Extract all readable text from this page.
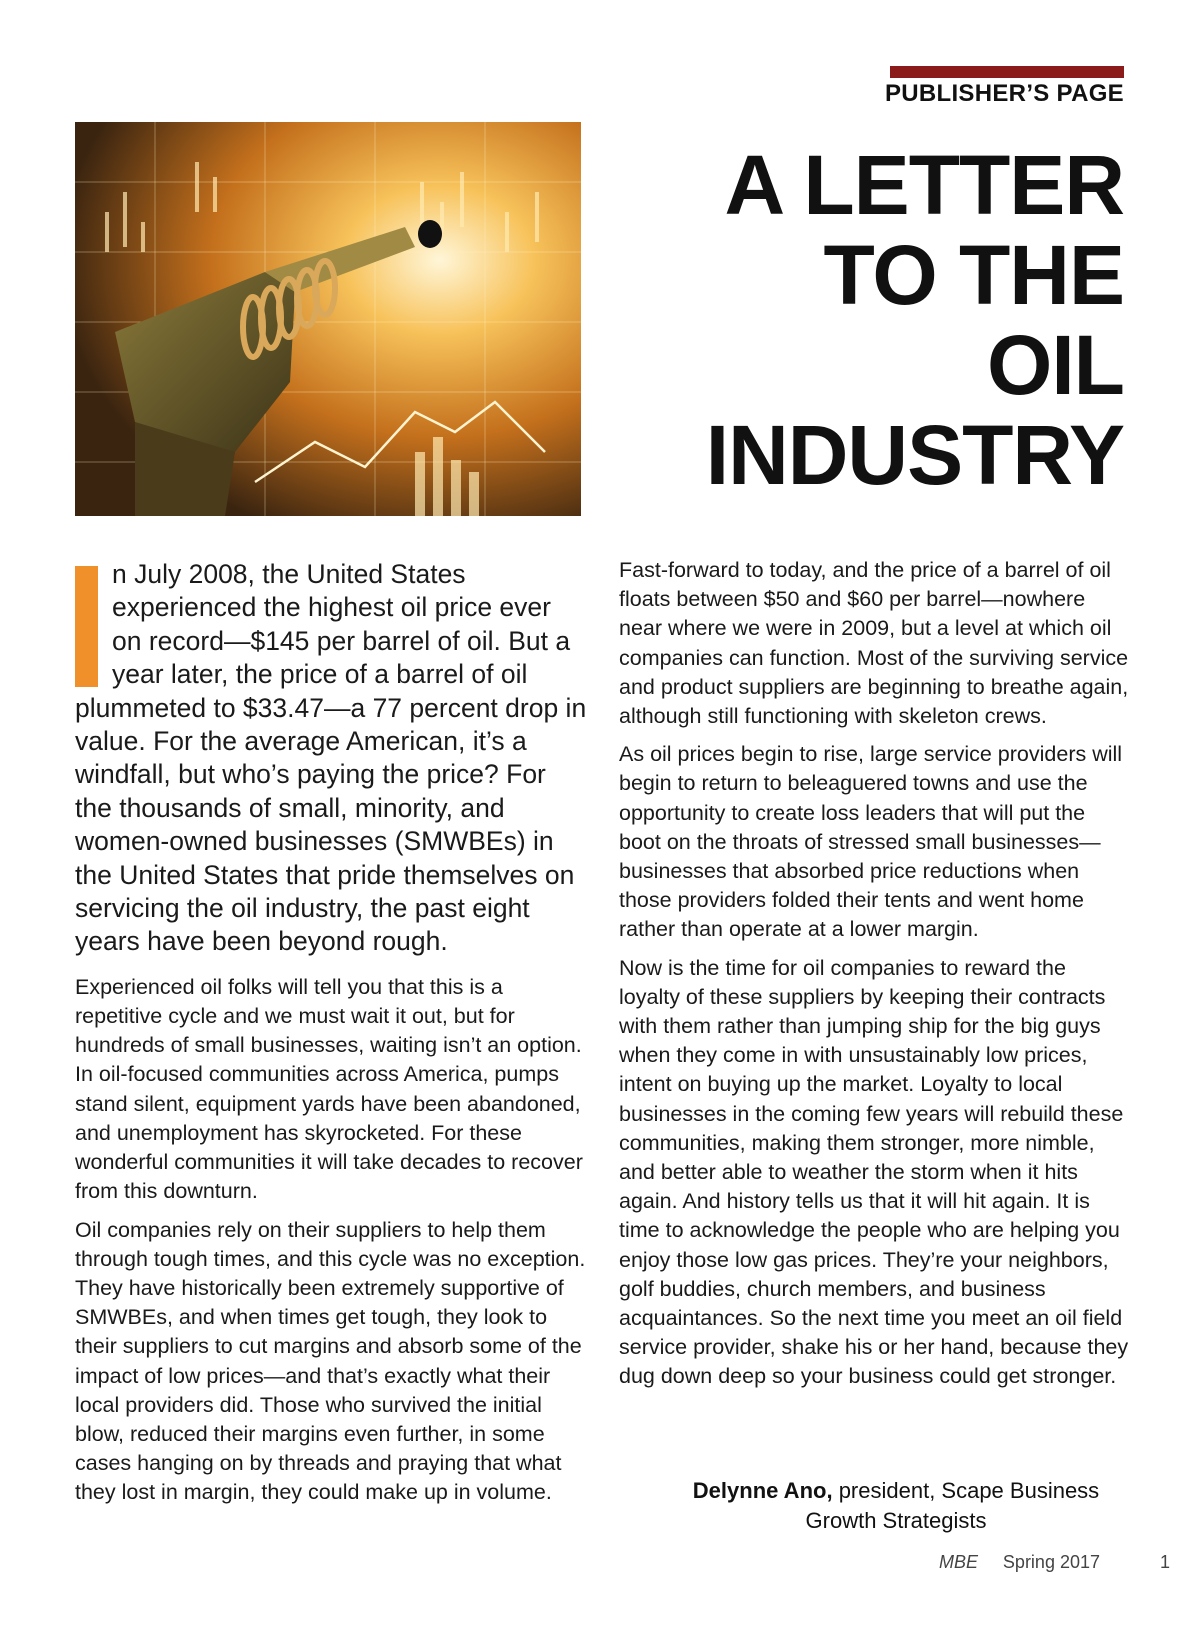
PUBLISHER’S PAGE
A LETTER
TO THE
OIL
INDUSTRY

n July 2008, the United States experienced the highest oil price ever on record—$145 per barrel of oil. But a year later, the price of a barrel of oil plummeted to $33.47—a 77 percent drop in value. For the average American, it’s a windfall, but who’s paying the price? For the thousands of small, minority, and women-owned businesses (SMWBEs) in the United States that pride themselves on servicing the oil industry, the past eight years have been beyond rough.

Experienced oil folks will tell you that this is a repetitive cycle and we must wait it out, but for hundreds of small businesses, waiting isn’t an option. In oil-focused communities across America, pumps stand silent, equipment yards have been abandoned, and unemployment has skyrocketed. For these wonderful communities it will take decades to recover from this downturn.

Oil companies rely on their suppliers to help them through tough times, and this cycle was no exception. They have historically been extremely supportive of SMWBEs, and when times get tough, they look to their suppliers to cut margins and absorb some of the impact of low prices—and that’s exactly what their local providers did. Those who survived the initial blow, reduced their margins even further, in some cases hanging on by threads and praying that what they lost in margin, they could make up in volume.

Fast-forward to today, and the price of a barrel of oil floats between $50 and $60 per barrel—nowhere near where we were in 2009, but a level at which oil companies can function. Most of the surviving service and product suppliers are beginning to breathe again, although still functioning with skeleton crews.

As oil prices begin to rise, large service providers will begin to return to beleaguered towns and use the opportunity to create loss leaders that will put the boot on the throats of stressed small businesses—businesses that absorbed price reductions when those providers folded their tents and went home rather than operate at a lower margin.

Now is the time for oil companies to reward the loyalty of these suppliers by keeping their contracts with them rather than jumping ship for the big guys when they come in with unsustainably low prices, intent on buying up the market. Loyalty to local businesses in the coming few years will rebuild these communities, making them stronger, more nimble, and better able to weather the storm when it hits again. And history tells us that it will hit again. It is time to acknowledge the people who are helping you enjoy those low gas prices. They’re your neighbors, golf buddies, church members, and business acquaintances. So the next time you meet an oil field service provider, shake his or her hand, because they dug down deep so your business could get stronger.

Delynne Ano, president, Scape Business Growth Strategists
MBE Spring 2017	1
